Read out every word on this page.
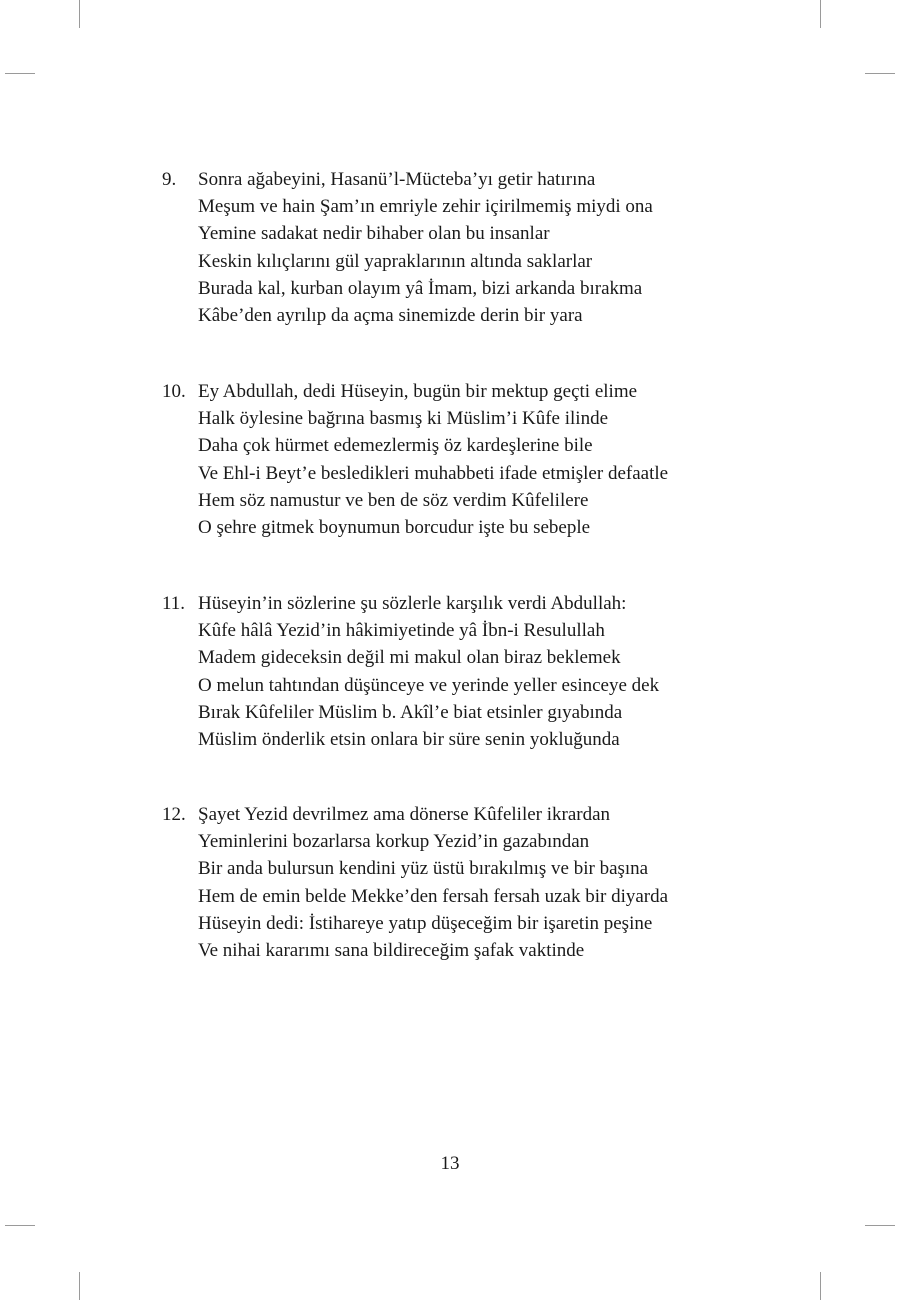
9. Sonra ağabeyini, Hasanü’l-Mücteba’yı getir hatırına
Meşum ve hain Şam’ın emriyle zehir içirilmemiş miydi ona
Yemine sadakat nedir bihaber olan bu insanlar
Keskin kılıçlarını gül yapraklarının altında saklarlar
Burada kal, kurban olayım yâ İmam, bizi arkanda bırakma
Kâbe’den ayrılıp da açma sinemizde derin bir yara
10. Ey Abdullah, dedi Hüseyin, bugün bir mektup geçti elime
Halk öylesine bağrına basmış ki Müslim’i Kûfe ilinde
Daha çok hürmet edemezlermiş öz kardeşlerine bile
Ve Ehl-i Beyt’e besledikleri muhabbeti ifade etmişler defaatle
Hem söz namustur ve ben de söz verdim Kûfelilere
O şehre gitmek boynumun borcudur işte bu sebeple
11. Hüseyin’in sözlerine şu sözlerle karşılık verdi Abdullah:
Kûfe hâlâ Yezid’in hâkimiyetinde yâ İbn-i Resulullah
Madem gideceksin değil mi makul olan biraz beklemek
O melun tahtından düşünceye ve yerinde yeller esinceye dek
Bırak Kûfeliler Müslim b. Akîl’e biat etsinler gıyabında
Müslim önderlik etsin onlara bir süre senin yokluğunda
12. Şayet Yezid devrilmez ama dönerse Kûfeliler ikrardan
Yeminlerini bozarlarsa korkup Yezid’in gazabından
Bir anda bulursun kendini yüz üstü bırakılmış ve bir başına
Hem de emin belde Mekke’den fersah fersah uzak bir diyarda
Hüseyin dedi: İstihareye yatıp düşeceğim bir işaretin peşine
Ve nihai kararımı sana bildireceğim şafak vaktinde
13
